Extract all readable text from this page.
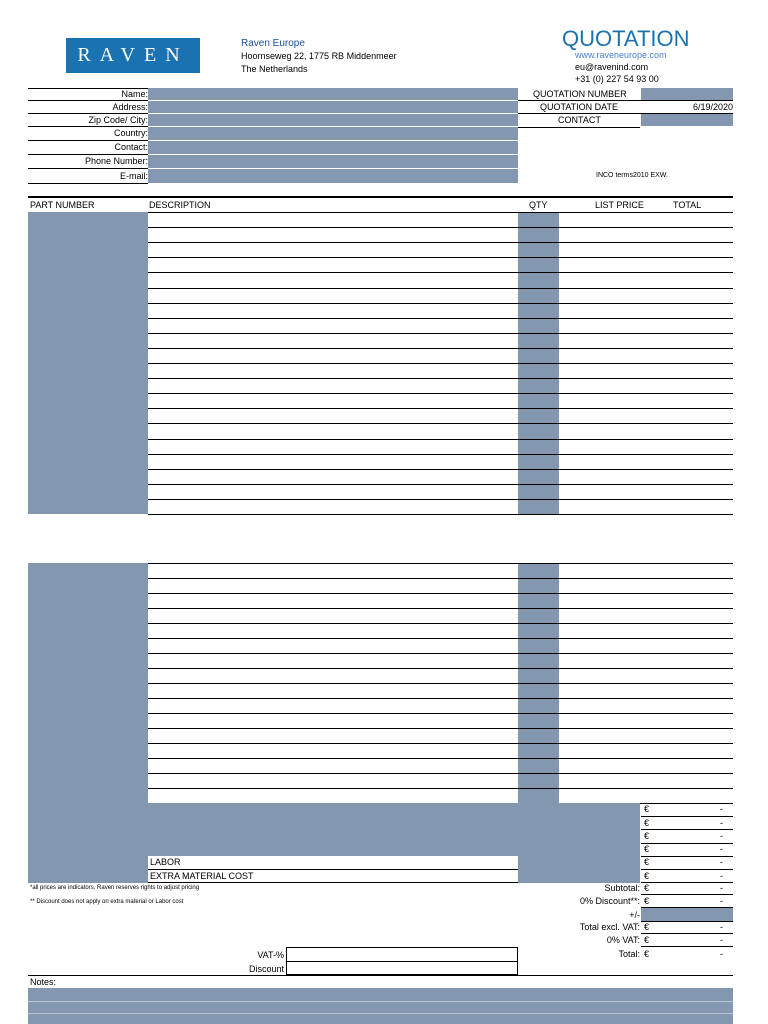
RAVEN
Raven Europe
Hoornseweg 22, 1775 RB Middenmeer
The Netherlands
QUOTATION
www.raveneurope.com
eu@ravenind.com
+31 (0) 227 54 93 00
Name:
Address:
Zip Code/ City:
Country:
Contact:
Phone Number:
E-mail:
QUOTATION NUMBER
QUOTATION DATE	6/19/2020
CONTACT
INCO terms2010 EXW.
PART NUMBER	DESCRIPTION	QTY	LIST PRICE	TOTAL
LABOR
EXTRA MATERIAL COST
€	-
€	-
€	-
€	-
€	-
€	-
Subtotal: €	-
0% Discount**: €	-
+/-
Total excl. VAT: €	-
0% VAT: €	-
Total: €	-
*all prices are indicators, Raven reserves rights to adjust pricing
** Discount does not apply on extra material or Labor cost
VAT-%
Discount
Notes:
